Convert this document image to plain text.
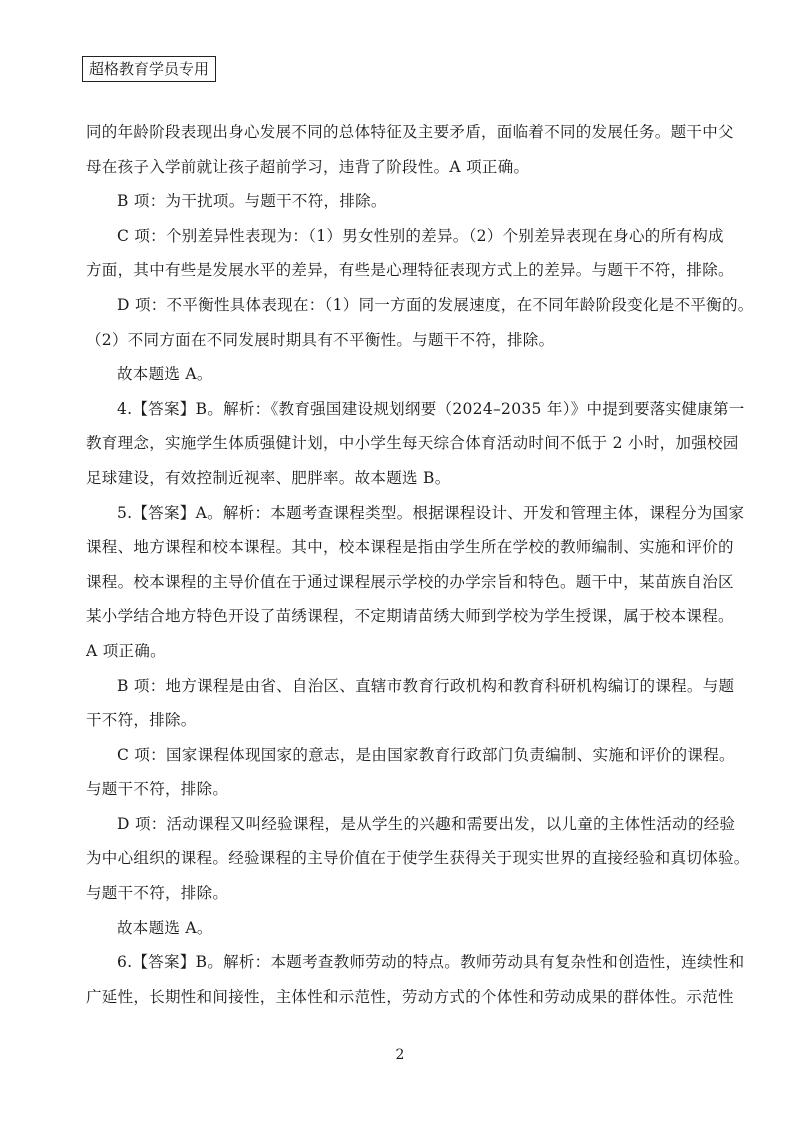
超格教育学员专用
同的年龄阶段表现出身心发展不同的总体特征及主要矛盾，面临着不同的发展任务。题干中父
母在孩子入学前就让孩子超前学习，违背了阶段性。A 项正确。
B 项：为干扰项。与题干不符，排除。
C 项：个别差异性表现为：（1）男女性别的差异。（2）个别差异表现在身心的所有构成
方面，其中有些是发展水平的差异，有些是心理特征表现方式上的差异。与题干不符，排除。
D 项：不平衡性具体表现在：（1）同一方面的发展速度，在不同年龄阶段变化是不平衡的。
（2）不同方面在不同发展时期具有不平衡性。与题干不符，排除。
故本题选 A。
4.【答案】B。解析：《教育强国建设规划纲要（2024–2035 年）》中提到要落实健康第一
教育理念，实施学生体质强健计划，中小学生每天综合体育活动时间不低于 2 小时，加强校园
足球建设，有效控制近视率、肥胖率。故本题选 B。
5.【答案】A。解析：本题考查课程类型。根据课程设计、开发和管理主体，课程分为国家
课程、地方课程和校本课程。其中，校本课程是指由学生所在学校的教师编制、实施和评价的
课程。校本课程的主导价值在于通过课程展示学校的办学宗旨和特色。题干中，某苗族自治区
某小学结合地方特色开设了苗绣课程，不定期请苗绣大师到学校为学生授课，属于校本课程。
A 项正确。
B 项：地方课程是由省、自治区、直辖市教育行政机构和教育科研机构编订的课程。与题
干不符，排除。
C 项：国家课程体现国家的意志，是由国家教育行政部门负责编制、实施和评价的课程。
与题干不符，排除。
D 项：活动课程又叫经验课程，是从学生的兴趣和需要出发，以儿童的主体性活动的经验
为中心组织的课程。经验课程的主导价值在于使学生获得关于现实世界的直接经验和真切体验。
与题干不符，排除。
故本题选 A。
6.【答案】B。解析：本题考查教师劳动的特点。教师劳动具有复杂性和创造性，连续性和
广延性，长期性和间接性，主体性和示范性，劳动方式的个体性和劳动成果的群体性。示范性
2
